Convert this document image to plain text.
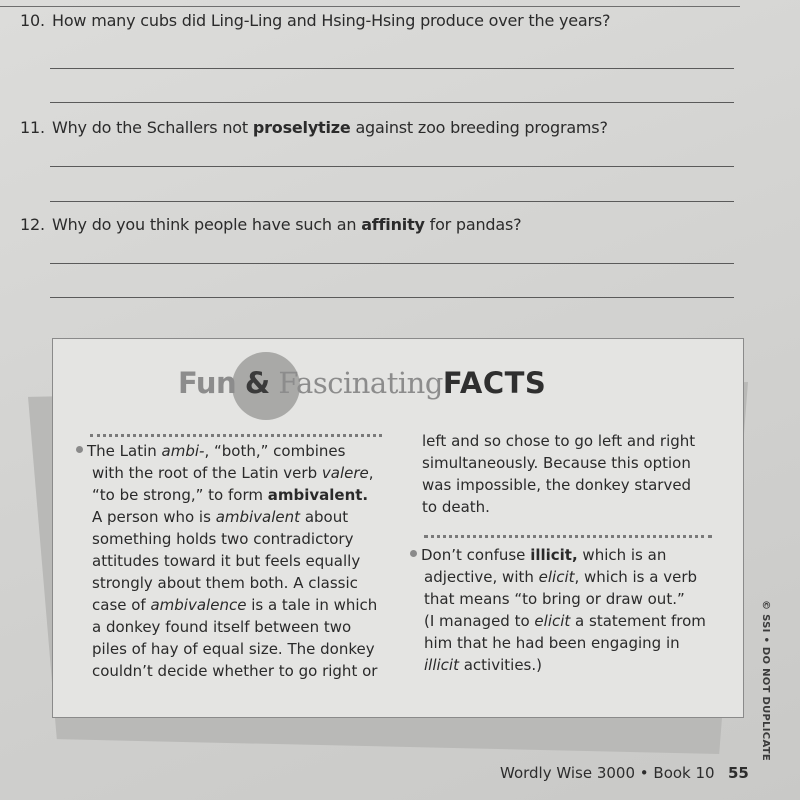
10. How many cubs did Ling-Ling and Hsing-Hsing produce over the years?
11. Why do the Schallers not proselytize against zoo breeding programs?
12. Why do you think people have such an affinity for pandas?
Fun & FascinatingFACTS

The Latin ambi-, “both,” combines

with the root of the Latin verb valere,

“to be strong,” to form ambivalent.

A person who is ambivalent about

something holds two contradictory

attitudes toward it but feels equally

strongly about them both. A classic

case of ambivalence is a tale in which

a donkey found itself between two

piles of hay of equal size. The donkey

couldn’t decide whether to go right or

left and so chose to go left and right

simultaneously. Because this option

was impossible, the donkey starved

to death.

Don’t confuse illicit, which is an

adjective, with elicit, which is a verb

that means “to bring or draw out.”

(I managed to elicit a statement from

him that he had been engaging in

illicit activities.)	© SSI • DO NOT DUPLICATE
Wordly Wise 3000 • Book 10 55
